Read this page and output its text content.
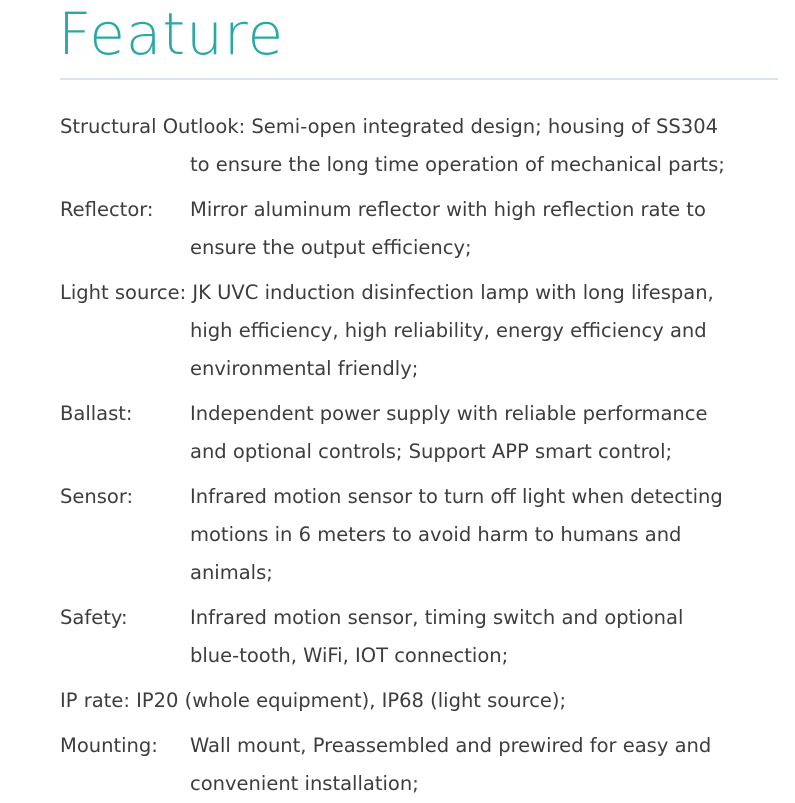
Feature
Structural Outlook: Semi-open integrated design; housing of SS304
to ensure the long time operation of mechanical parts;
Reflector:	Mirror aluminum reflector with high reflection rate to
ensure the output efficiency;
Light source: JK UVC induction disinfection lamp with long lifespan,
high efficiency, high reliability, energy efficiency and
environmental friendly;
Ballast:	Independent power supply with reliable performance
and optional controls; Support APP smart control;
Sensor:	Infrared motion sensor to turn off light when detecting
motions in 6 meters to avoid harm to humans and
animals;
Safety:	Infrared motion sensor, timing switch and optional
blue-tooth, WiFi, IOT connection;
IP rate: IP20 (whole equipment), IP68 (light source);
Mounting:	Wall mount, Preassembled and prewired for easy and
convenient installation;
